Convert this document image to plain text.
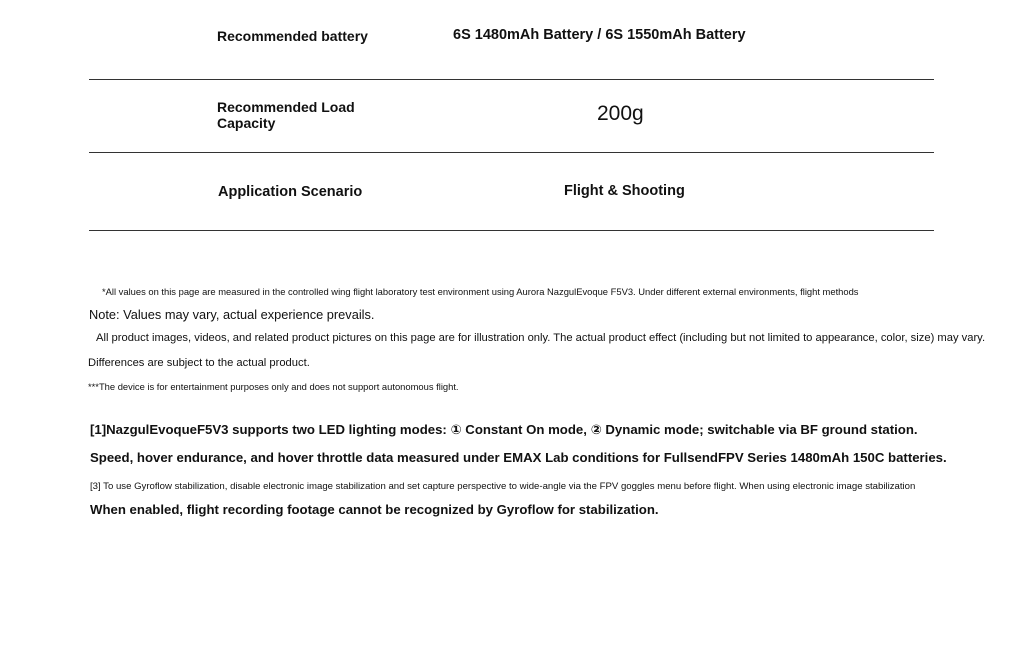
Recommended battery	6S 1480mAh Battery / 6S 1550mAh Battery
Recommended Load
Capacity	200g
Application Scenario	Flight & Shooting
*All values on this page are measured in the controlled wing flight laboratory test environment using Aurora NazgulEvoque F5V3. Under different external environments, flight methods
Note: Values may vary, actual experience prevails.
All product images, videos, and related product pictures on this page are for illustration only. The actual product effect (including but not limited to appearance, color, size) may vary.
Differences are subject to the actual product.
***The device is for entertainment purposes only and does not support autonomous flight.
[1]NazgulEvoqueF5V3 supports two LED lighting modes: ① Constant On mode, ② Dynamic mode; switchable via BF ground station.
Speed, hover endurance, and hover throttle data measured under EMAX Lab conditions for FullsendFPV Series 1480mAh 150C batteries.
[3] To use Gyroflow stabilization, disable electronic image stabilization and set capture perspective to wide-angle via the FPV goggles menu before flight. When using electronic image stabilization
When enabled, flight recording footage cannot be recognized by Gyroflow for stabilization.
